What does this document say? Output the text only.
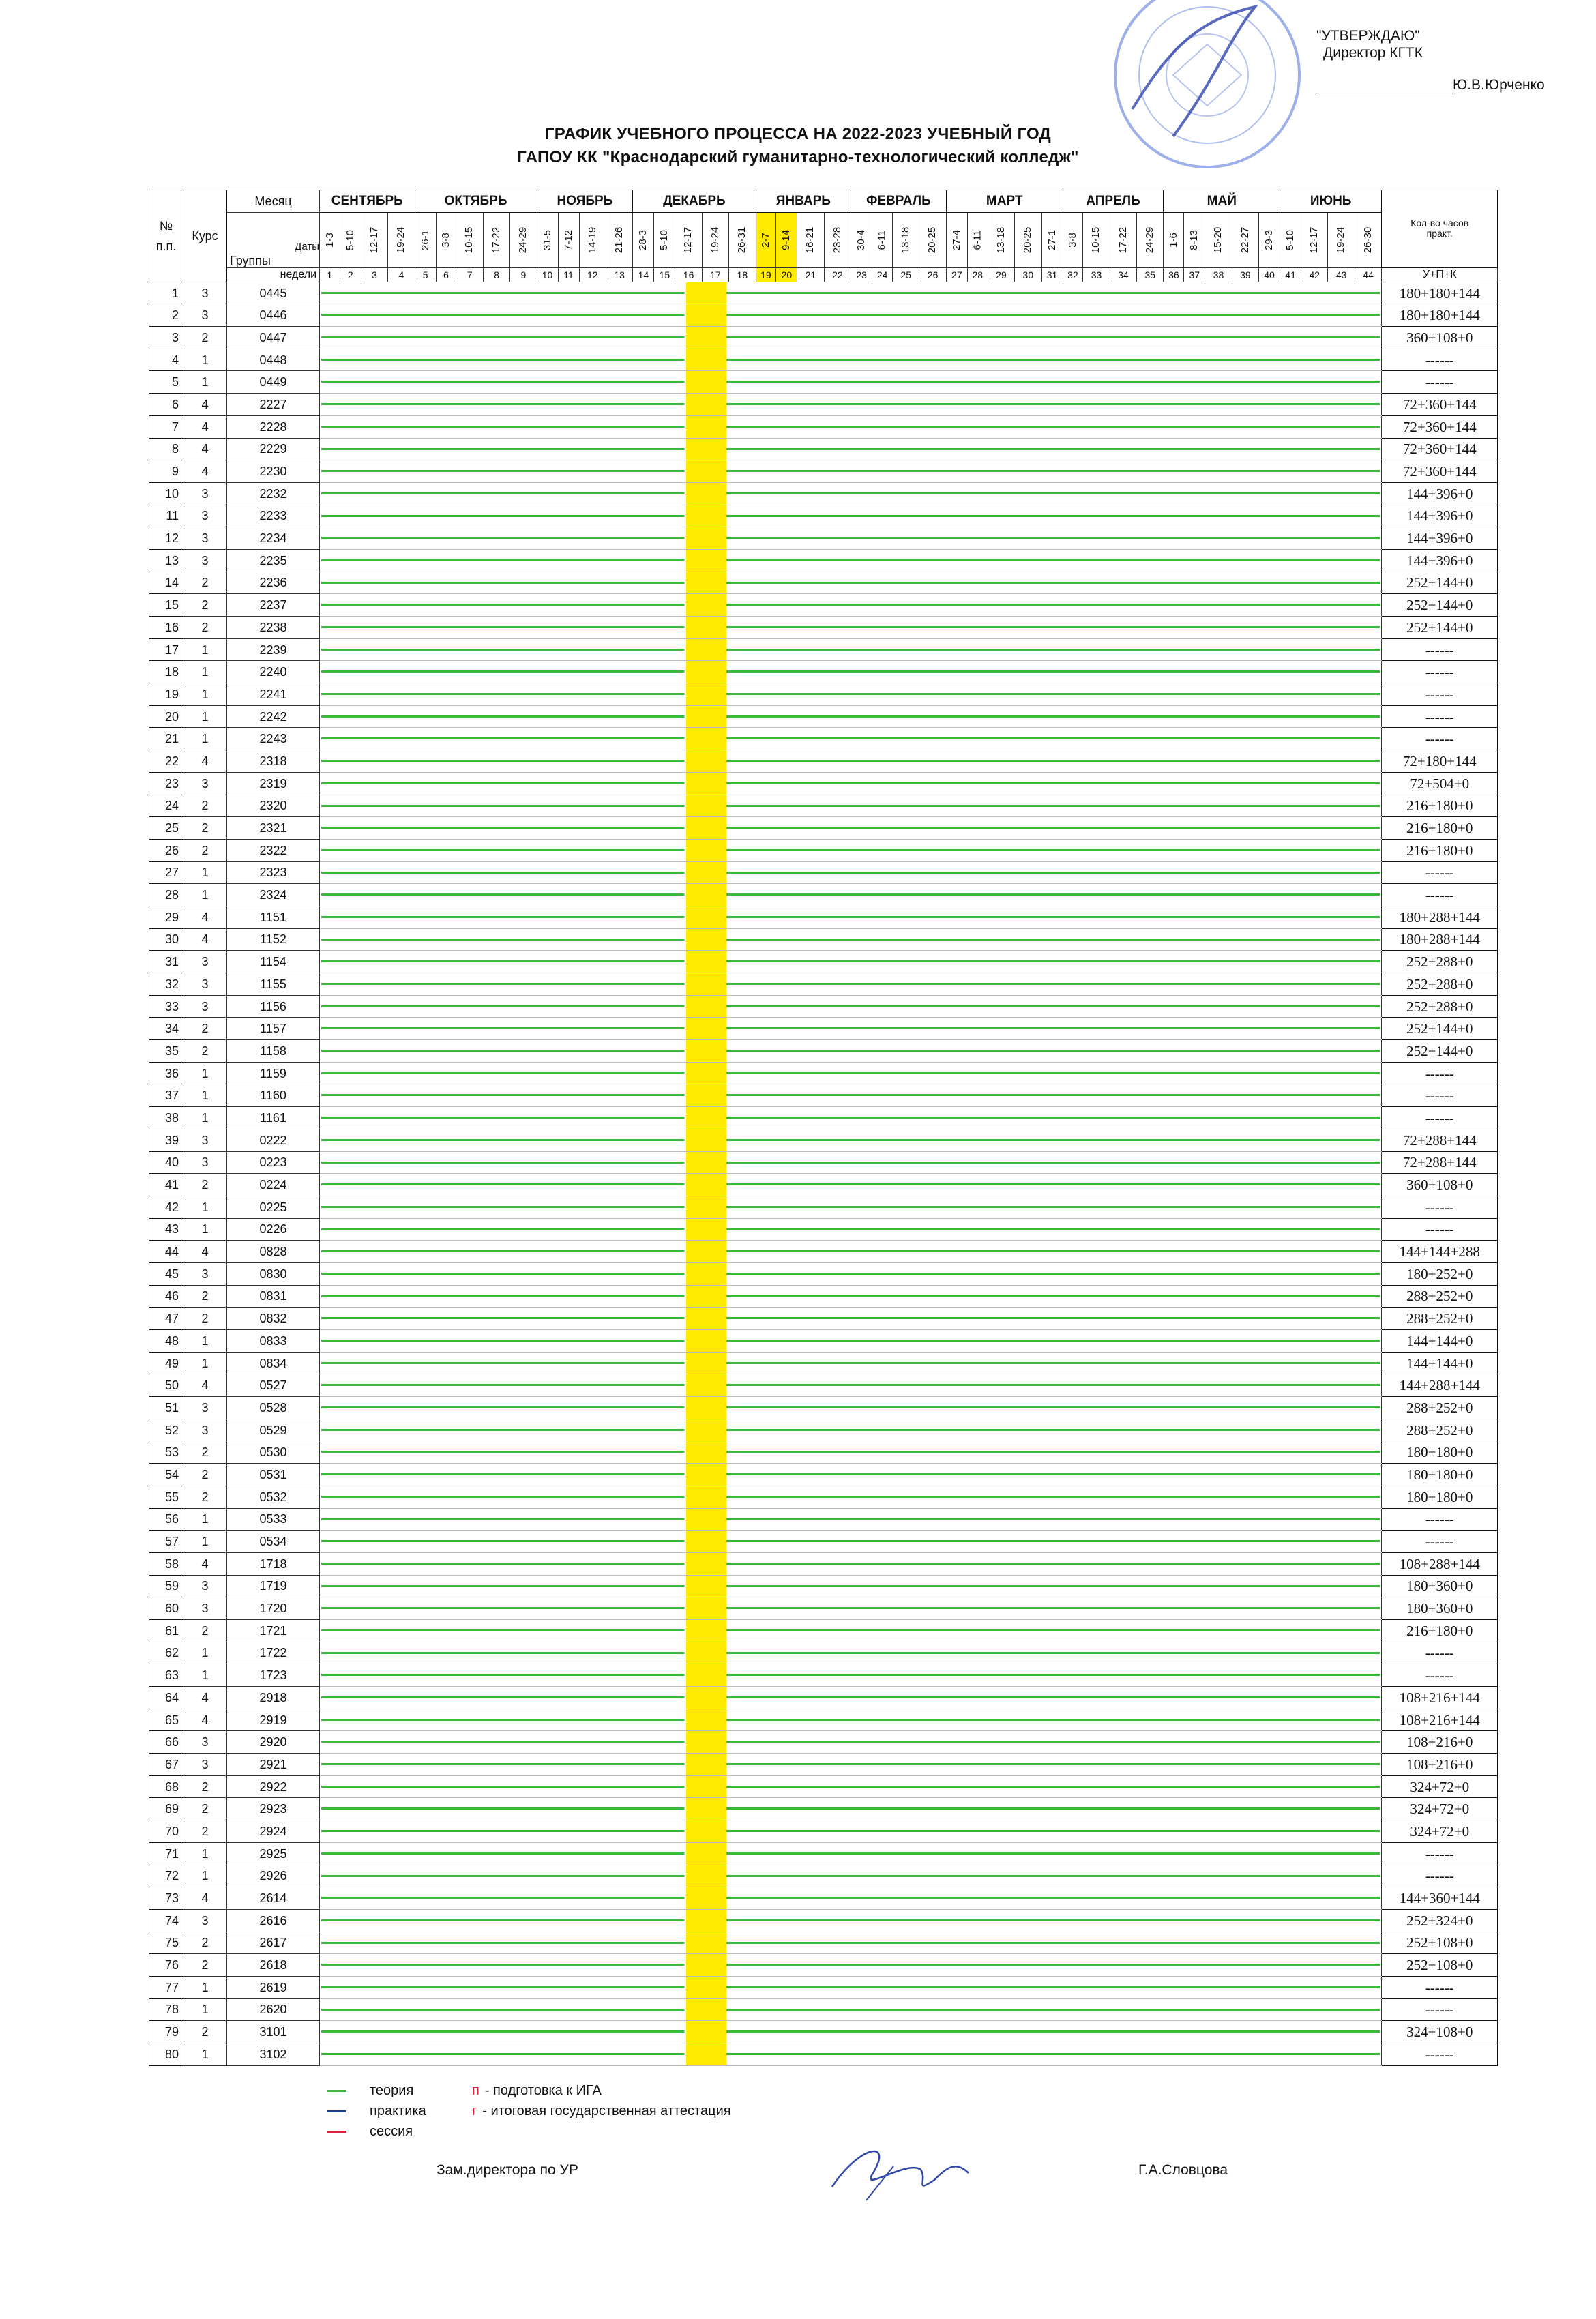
"УТВЕРЖДАЮ"
Директор КГТК
Ю.В.Юрченко
ГРАФИК УЧЕБНОГО ПРОЦЕССА НА 2022-2023 УЧЕБНЫЙ ГОД
ГАПОУ КК "Краснодарский гуманитарно-технологический колледж"
№
п.п.	Курс	Месяц	СЕНТЯБРЬ				ОКТЯБРЬ					НОЯБРЬ				ДЕКАБРЬ					ЯНВАРЬ				ФЕВРАЛЬ				МАРТ					АПРЕЛЬ				МАЙ					ИЮНЬ				Кол-во часов практ.

		Даты
Группы	1-3	5-10	12-17	19-24	26-1	3-8	10-15	17-22	24-29	31-5	7-12	14-19	21-26	28-3	5-10	12-17	19-24	26-31	2-7	9-14	16-21	23-28	30-4	6-11	13-18	20-25	27-4	6-11	13-18	20-25	27-1	3-8	10-15	17-22	24-29	1-6	8-13	15-20	22-27	29-3	5-10	12-17	19-24	26-30	
		недели	1	2	3	4	5	6	7	8	9	10	11	12	13	14	15	16	17	18	19	20	21	22	23	24	25	26	27	28	29	30	31	32	33	34	35	36	37	38	39	40	41	42	43	44	У+П+К
1	3	0445																																													180+180+144
2	3	0446																																													180+180+144
3	2	0447																																													360+108+0
4	1	0448																																													------
5	1	0449																																													------
6	4	2227																																													72+360+144
7	4	2228																																													72+360+144
8	4	2229																																													72+360+144
9	4	2230																																													72+360+144
10	3	2232																																													144+396+0
11	3	2233																																													144+396+0
12	3	2234																																													144+396+0
13	3	2235																																													144+396+0
14	2	2236																																													252+144+0
15	2	2237																																													252+144+0
16	2	2238																																													252+144+0
17	1	2239																																													------
18	1	2240																																													------
19	1	2241																																													------
20	1	2242																																													------
21	1	2243																																													------
22	4	2318																																													72+180+144
23	3	2319																																													72+504+0
24	2	2320																																													216+180+0
25	2	2321																																													216+180+0
26	2	2322																																													216+180+0
27	1	2323																																													------
28	1	2324																																													------
29	4	1151																																													180+288+144
30	4	1152																																													180+288+144
31	3	1154																																													252+288+0
32	3	1155																																													252+288+0
33	3	1156																																													252+288+0
34	2	1157																																													252+144+0
35	2	1158																																													252+144+0
36	1	1159																																													------
37	1	1160																																													------
38	1	1161																																													------
39	3	0222																																													72+288+144
40	3	0223																																													72+288+144
41	2	0224																																													360+108+0
42	1	0225																																													------
43	1	0226																																													------
44	4	0828																																													144+144+288
45	3	0830																																													180+252+0
46	2	0831																																													288+252+0
47	2	0832																																													288+252+0
48	1	0833																																													144+144+0
49	1	0834																																													144+144+0
50	4	0527																																													144+288+144
51	3	0528																																													288+252+0
52	3	0529																																													288+252+0
53	2	0530																																													180+180+0
54	2	0531																																													180+180+0
55	2	0532																																													180+180+0
56	1	0533																																													------
57	1	0534																																													------
58	4	1718																																													108+288+144
59	3	1719																																													180+360+0
60	3	1720																																													180+360+0
61	2	1721																																													216+180+0
62	1	1722																																													------
63	1	1723																																													------
64	4	2918																																													108+216+144
65	4	2919																																													108+216+144
66	3	2920																																													108+216+0
67	3	2921																																													108+216+0
68	2	2922																																													324+72+0
69	2	2923																																													324+72+0
70	2	2924																																													324+72+0
71	1	2925																																													------
72	1	2926																																													------
73	4	2614																																													144+360+144
74	3	2616																																													252+324+0
75	2	2617																																													252+108+0
76	2	2618																																													252+108+0
77	1	2619																																													------
78	1	2620																																													------
79	2	3101																																													324+108+0
80	1	3102																																													------
теория	п - подготовка к ИГА
практика	г - итоговая государственная аттестация
сессия
Зам.директора по УР	Г.А.Словцова
